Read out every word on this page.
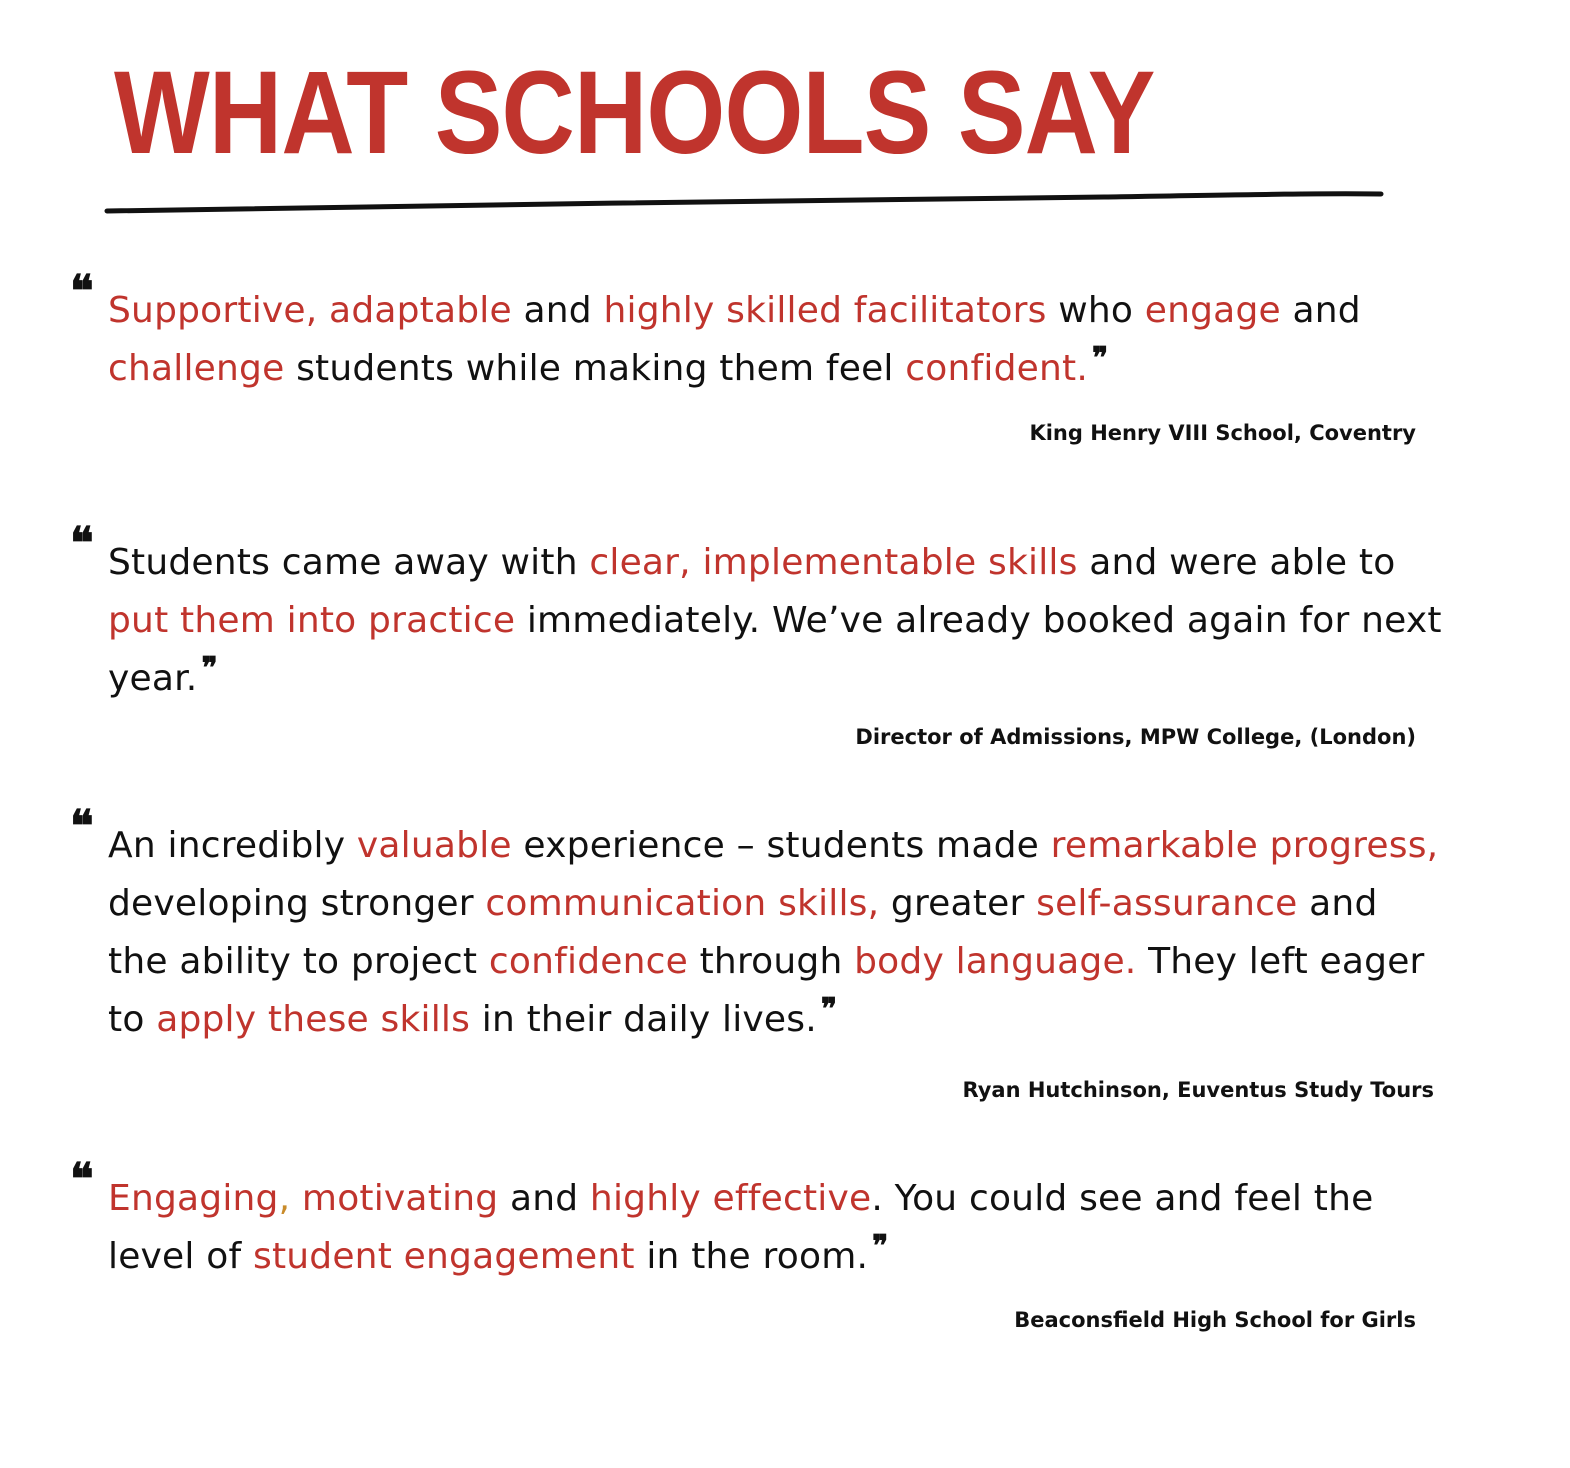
WHAT SCHOOLS SAY

❝ Supportive, adaptable and highly skilled facilitators who engage and challenge students while making them feel confident. ❞

King Henry VIII School, Coventry

❝ Students came away with clear, implementable skills and were able to put them into practice immediately. We’ve already booked again for next year. ❞

Director of Admissions, MPW College, (London)

❝ An incredibly valuable experience – students made remarkable progress, developing stronger communication skills, greater self-assurance and the ability to project confidence through body language. They left eager to apply these skills in their daily lives. ❞

Ryan Hutchinson, Euventus Study Tours

❝ Engaging, motivating and highly effective. You could see and feel the level of student engagement in the room. ❞

Beaconsfield High School for Girls
